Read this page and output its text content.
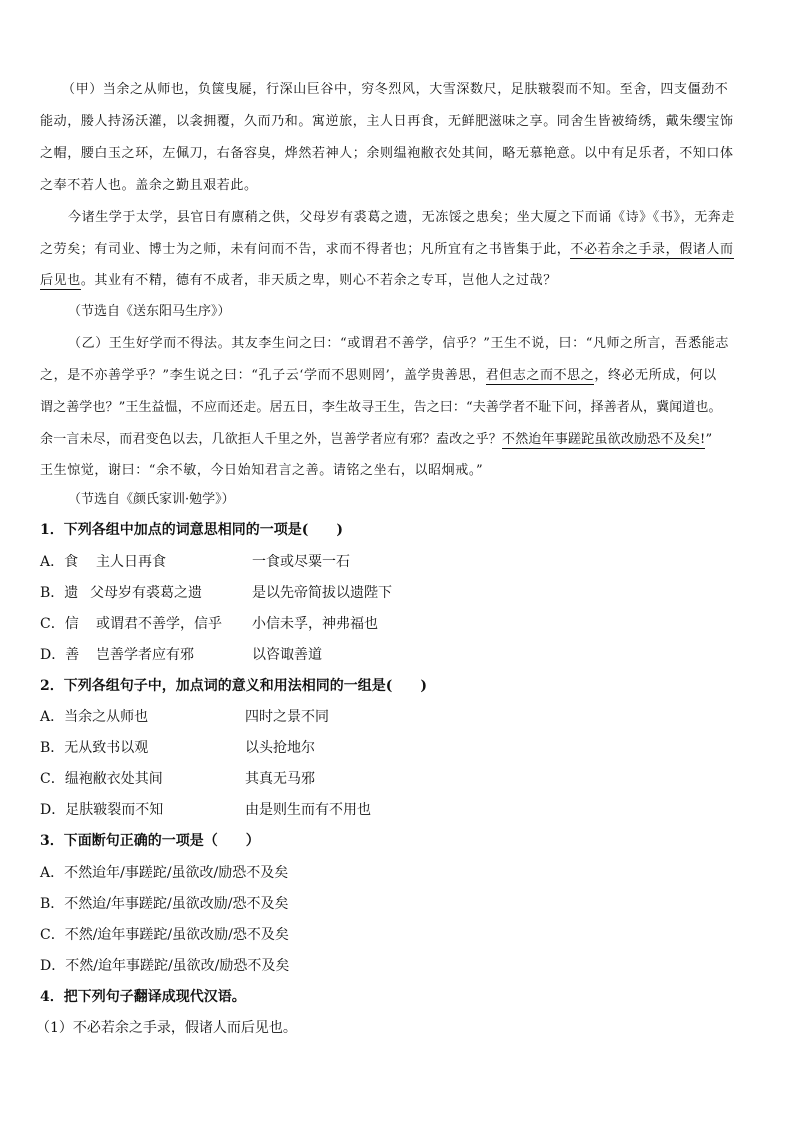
（甲）当余之从师也，负箧曳屣，行深山巨谷中，穷冬烈风，大雪深数尺，足肤皲裂而不知。至舍，四支僵劲不
能动，媵人持汤沃灌，以衾拥覆，久而乃和。寓逆旅，主人日再食，无鲜肥滋味之享。同舍生皆被绮绣，戴朱缨宝饰
之帽，腰白玉之环，左佩刀，右备容臭，烨然若神人；余则缊袍敝衣处其间，略无慕艳意。以中有足乐者，不知口体
之奉不若人也。盖余之勤且艰若此。
今诸生学于太学，县官日有廪稍之供，父母岁有裘葛之遗，无冻馁之患矣；坐大厦之下而诵《诗》《书》，无奔走
之劳矣；有司业、博士为之师，未有问而不告，求而不得者也；凡所宜有之书皆集于此，不必若余之手录，假诸人而
后见也。其业有不精，德有不成者，非天质之卑，则心不若余之专耳，岂他人之过哉？
（节选自《送东阳马生序》）
（乙）王生好学而不得法。其友李生问之曰：“或谓君不善学，信乎？”王生不说，曰：“凡师之所言，吾悉能志
之，是不亦善学乎？”李生说之曰：“孔子云‘学而不思则罔’，盖学贵善思，君但志之而不思之，终必无所成，何以
谓之善学也？”王生益愠，不应而还走。居五日，李生故寻王生，告之曰：“夫善学者不耻下问，择善者从，冀闻道也。
余一言未尽，而君变色以去，几欲拒人千里之外，岂善学者应有邪？盍改之乎？不然迨年事蹉跎虽欲改励恐不及矣!”
王生惊觉，谢曰：“余不敏，今日始知君言之善。请铭之坐右，以昭炯戒。”
（节选自《颜氏家训·勉学》）
1．下列各组中加点的词意思相同的一项是(　　)
A．食 主人日再食	一食或尽粟一石
B．遗 父母岁有裘葛之遗	是以先帝简拔以遗陛下
C．信 或谓君不善学，信乎 小信未孚，神弗福也
D．善 岂善学者应有邪	以咨诹善道
2．下列各组句子中，加点词的意义和用法相同的一组是(　　)
A．当余之从师也	四时之景不同
B．无从致书以观	以头抢地尔
C．缊袍敝衣处其间	其真无马邪
D．足肤皲裂而不知	由是则生而有不用也
3．下面断句正确的一项是（　　）
A．不然迨年/事蹉跎/虽欲改/励恐不及矣
B．不然迨/年事蹉跎/虽欲改励/恐不及矣
C．不然/迨年事蹉跎/虽欲改励/恐不及矣
D．不然/迨年事蹉跎/虽欲改/励恐不及矣
4．把下列句子翻译成现代汉语。
（1）不必若余之手录，假诸人而后见也。
